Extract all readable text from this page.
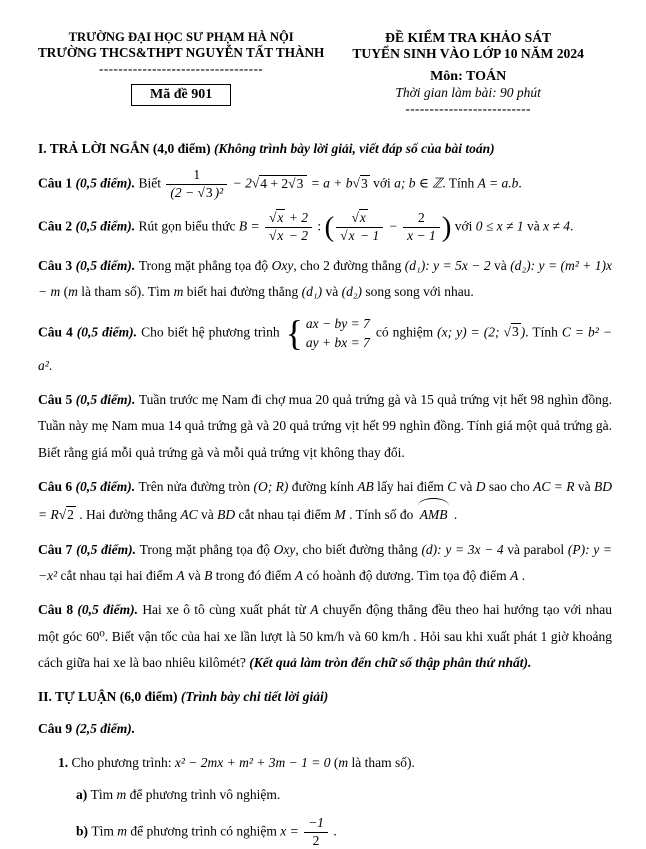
TRƯỜNG ĐẠI HỌC SƯ PHẠM HÀ NỘI
TRƯỜNG THCS&THPT NGUYỄN TẤT THÀNH
----------------------------------
Mã đề 901
ĐỀ KIỂM TRA KHẢO SÁT
TUYỂN SINH VÀO LỚP 10 NĂM 2024
Môn: TOÁN
Thời gian làm bài: 90 phút
--------------------------

I. TRẢ LỜI NGẮN (4,0 điểm) (Không trình bày lời giải, viết đáp số của bài toán)

Câu 1 (0,5 điểm). Biết $\frac{1}{\text{(2 − √3 )²}} - 2√4 + 2√3 = a + b√3$ với a; b ∈ ℤ. Tính A = a.b.

Câu 2 (0,5 điểm). Rút gọn biểu thức $B = \frac{√x + 2}{√x - 2}$ : ( $\frac{√x}{√x - 1} - \frac{2}{x - 1}$ ) với 0 ≤ x ≠ 1 và x ≠ 4.

Câu 3 (0,5 điểm). Trong mặt phẳng tọa độ Oxy, cho 2 đường thẳng (d₁): y = 5x − 2 và (d₂): y = (m² + 1)x − m (m là tham số). Tìm m biết hai đường thẳng (d₁) và (d₂) song song với nhau.

Câu 4 (0,5 điểm). Cho biết hệ phương trình { ax − by = 7
ay + bx = 7
có nghiệm (x; y) = (2; √3 ). Tính C = b² − a².

Câu 5 (0,5 điểm). Tuần trước mẹ Nam đi chợ mua 20 quả trứng gà và 15 quả trứng vịt hết 98 nghìn đồng. Tuần này mẹ Nam mua 14 quả trứng gà và 20 quả trứng vịt hết 99 nghìn đồng. Tính giá một quả trứng gà. Biết rằng giá mỗi quả trứng gà và mỗi quả trứng vịt không thay đổi.

Câu 6 (0,5 điểm). Trên nửa đường tròn (O; R) đường kính AB lấy hai điểm C và D sao cho AC = R và BD = R√2 . Hai đường thẳng AC và BD cắt nhau tại điểm M . Tính số đo AMB .

Câu 7 (0,5 điểm). Trong mặt phẳng tọa độ Oxy, cho biết đường thẳng (d): y = 3x − 4 và parabol (P): y = −x² cắt nhau tại hai điểm A và B trong đó điểm A có hoành độ dương. Tìm tọa độ điểm A .

Câu 8 (0,5 điểm). Hai xe ô tô cùng xuất phát từ A chuyển động thẳng đều theo hai hướng tạo với nhau một góc 60⁰. Biết vận tốc của hai xe lần lượt là 50 km/h và 60 km/h . Hỏi sau khi xuất phát 1 giờ khoảng cách giữa hai xe là bao nhiêu kilômét? (Kết quả làm tròn đến chữ số thập phân thứ nhất).

II. TỰ LUẬN (6,0 điểm) (Trình bày chi tiết lời giải)

Câu 9 (2,5 điểm).

1. Cho phương trình: x² − 2mx + m² + 3m − 1 = 0 (m là tham số).

a) Tìm m để phương trình vô nghiệm.

b) Tìm m để phương trình có nghiệm $x = \frac{-1}{2}$ .
